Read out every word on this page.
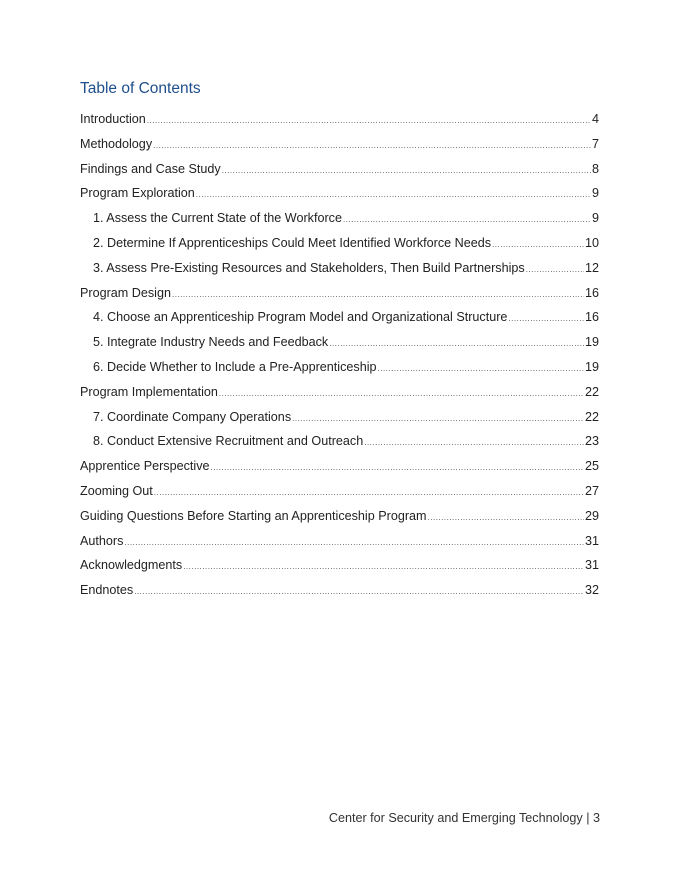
Table of Contents
Introduction .....	4
Methodology .....	7
Findings and Case Study .....	8
Program Exploration .....	9
1. Assess the Current State of the Workforce .....	9
2. Determine If Apprenticeships Could Meet Identified Workforce Needs .....	10
3. Assess Pre-Existing Resources and Stakeholders, Then Build Partnerships .....	12
Program Design .....	16
4. Choose an Apprenticeship Program Model and Organizational Structure .....	16
5. Integrate Industry Needs and Feedback .....	19
6. Decide Whether to Include a Pre-Apprenticeship .....	19
Program Implementation .....	22
7. Coordinate Company Operations .....	22
8. Conduct Extensive Recruitment and Outreach .....	23
Apprentice Perspective .....	25
Zooming Out .....	27
Guiding Questions Before Starting an Apprenticeship Program .....	29
Authors .....	31
Acknowledgments .....	31
Endnotes .....	32
Center for Security and Emerging Technology | 3
